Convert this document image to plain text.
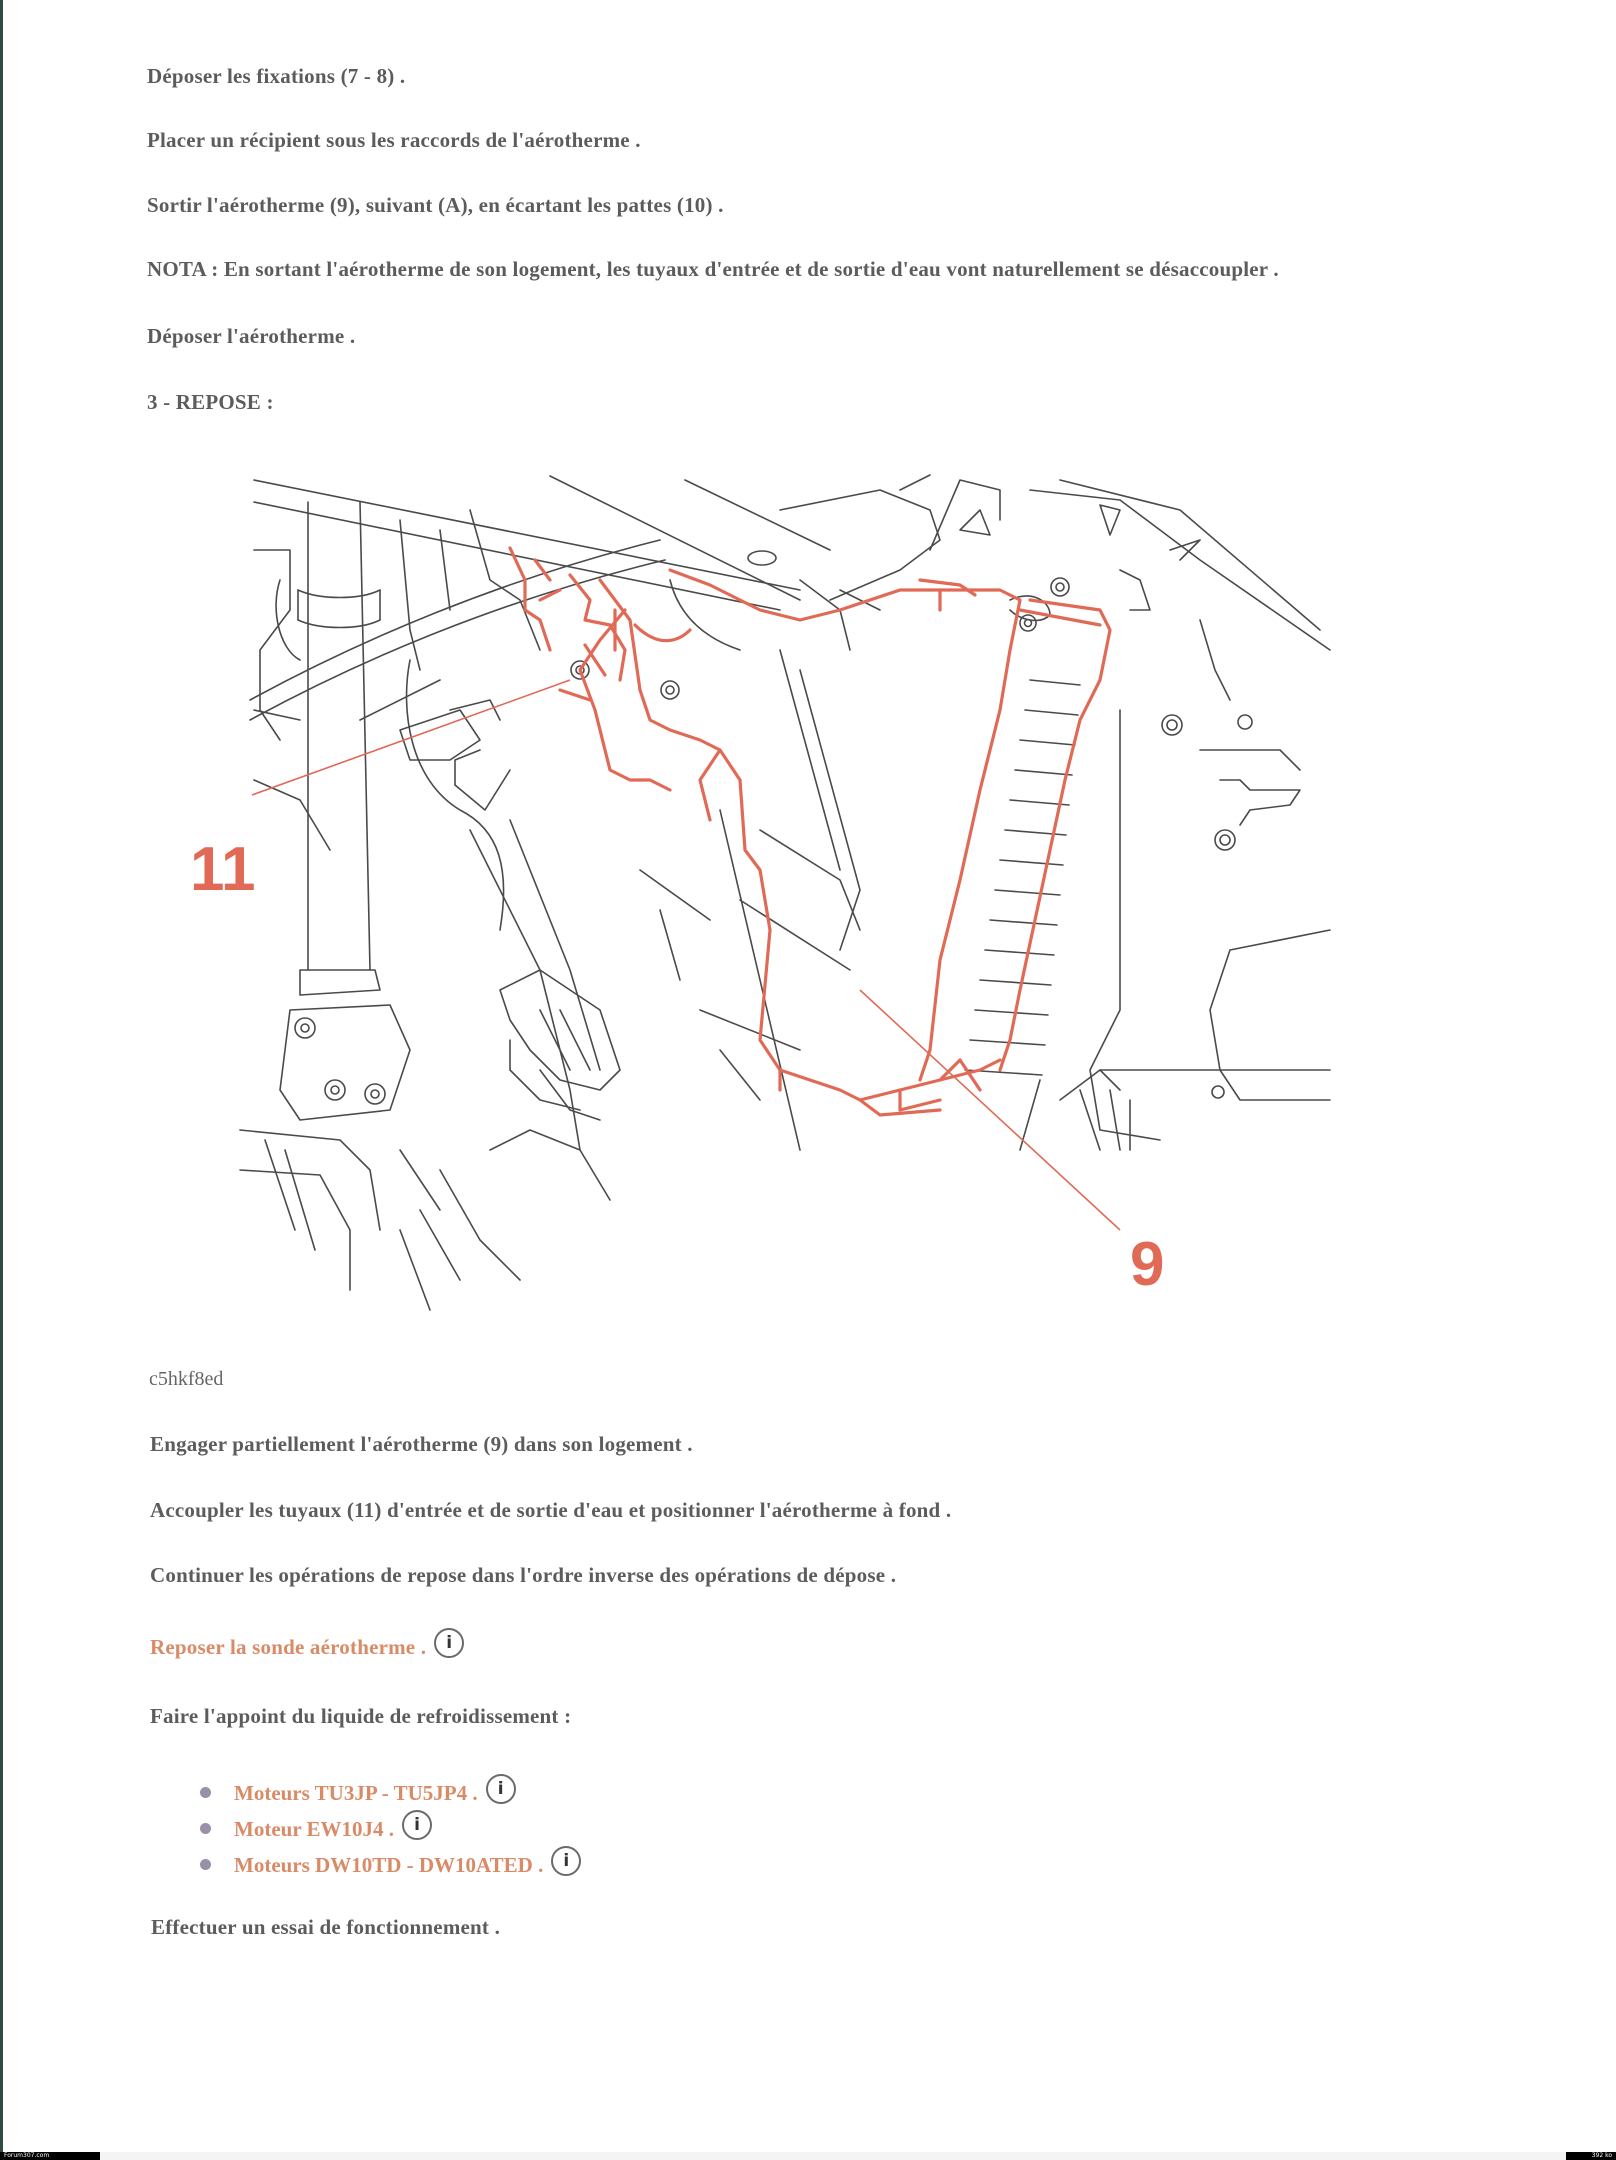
Déposer les fixations (7 - 8) .
Placer un récipient sous les raccords de l'aérotherme .
Sortir l'aérotherme (9), suivant (A), en écartant les pattes (10) .
NOTA : En sortant l'aérotherme de son logement, les tuyaux d'entrée et de sortie d'eau vont naturellement se désaccoupler .
Déposer l'aérotherme .
3 - REPOSE :
11
9
c5hkf8ed
Engager partiellement l'aérotherme (9) dans son logement .
Accoupler les tuyaux (11) d'entrée et de sortie d'eau et positionner l'aérotherme à fond .
Continuer les opérations de repose dans l'ordre inverse des opérations de dépose .
Reposer la sonde aérotherme . i
Faire l'appoint du liquide de refroidissement :
Moteurs TU3JP - TU5JP4 . i
Moteur EW10J4 . i
Moteurs DW10TD - DW10ATED . i
Effectuer un essai de fonctionnement .
Forum307.com	392 ko
